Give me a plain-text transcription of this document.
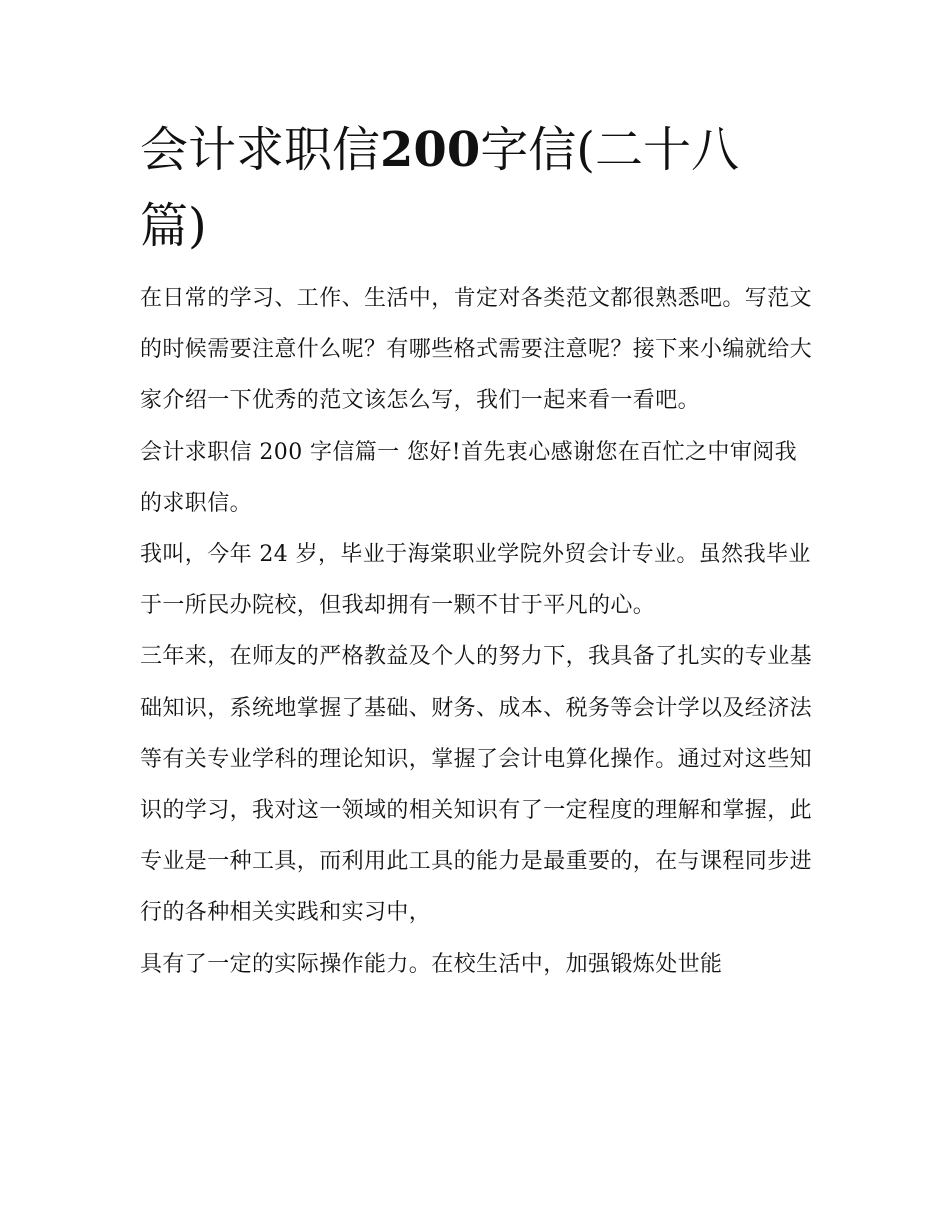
会计求职信200字信(二十八篇)

在日常的学习、工作、生活中，肯定对各类范文都很熟悉吧。写范文的时候需要注意什么呢？有哪些格式需要注意呢？接下来小编就给大家介绍一下优秀的范文该怎么写，我们一起来看一看吧。

会计求职信 200 字信篇一 您好!首先衷心感谢您在百忙之中审阅我的求职信。

我叫，今年 24 岁，毕业于海棠职业学院外贸会计专业。虽然我毕业于一所民办院校，但我却拥有一颗不甘于平凡的心。

三年来，在师友的严格教益及个人的努力下，我具备了扎实的专业基础知识，系统地掌握了基础、财务、成本、税务等会计学以及经济法等有关专业学科的理论知识，掌握了会计电算化操作。通过对这些知识的学习，我对这一领域的相关知识有了一定程度的理解和掌握，此专业是一种工具，而利用此工具的能力是最重要的，在与课程同步进行的各种相关实践和实习中，

具有了一定的实际操作能力。在校生活中，加强锻炼处世能
